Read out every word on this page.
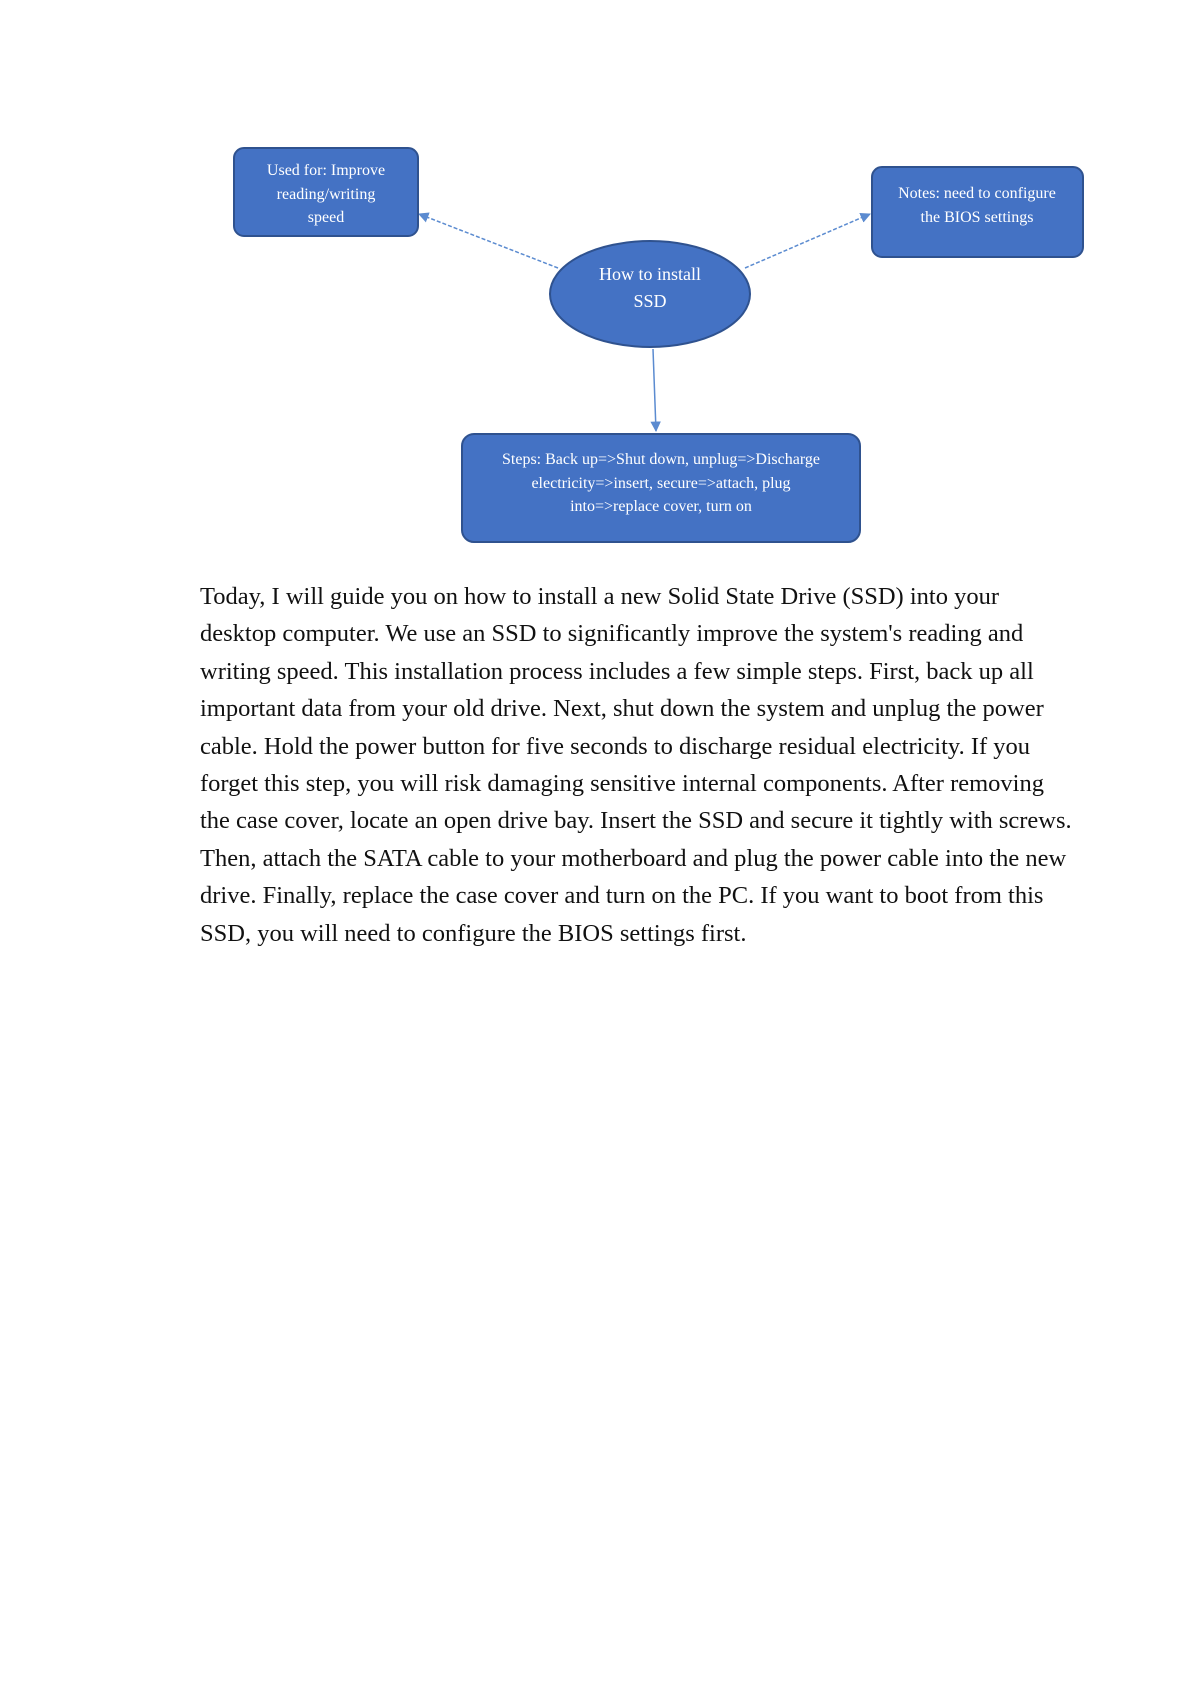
Used for: Improve
reading/writing
speed
Notes: need to configure
the BIOS settings
How to install
SSD
Steps: Back up=>Shut down, unplug=>Discharge
electricity=>insert, secure=>attach, plug
into=>replace cover, turn on

Today, I will guide you on how to install a new Solid State Drive (SSD) into your desktop computer. We use an SSD to significantly improve the system's reading and writing speed. This installation process includes a few simple steps. First, back up all important data from your old drive. Next, shut down the system and unplug the power cable. Hold the power button for five seconds to discharge residual electricity. If you forget this step, you will risk damaging sensitive internal components. After removing the case cover, locate an open drive bay. Insert the SSD and secure it tightly with screws. Then, attach the SATA cable to your motherboard and plug the power cable into the new drive. Finally, replace the case cover and turn on the PC. If you want to boot from this SSD, you will need to configure the BIOS settings first.
